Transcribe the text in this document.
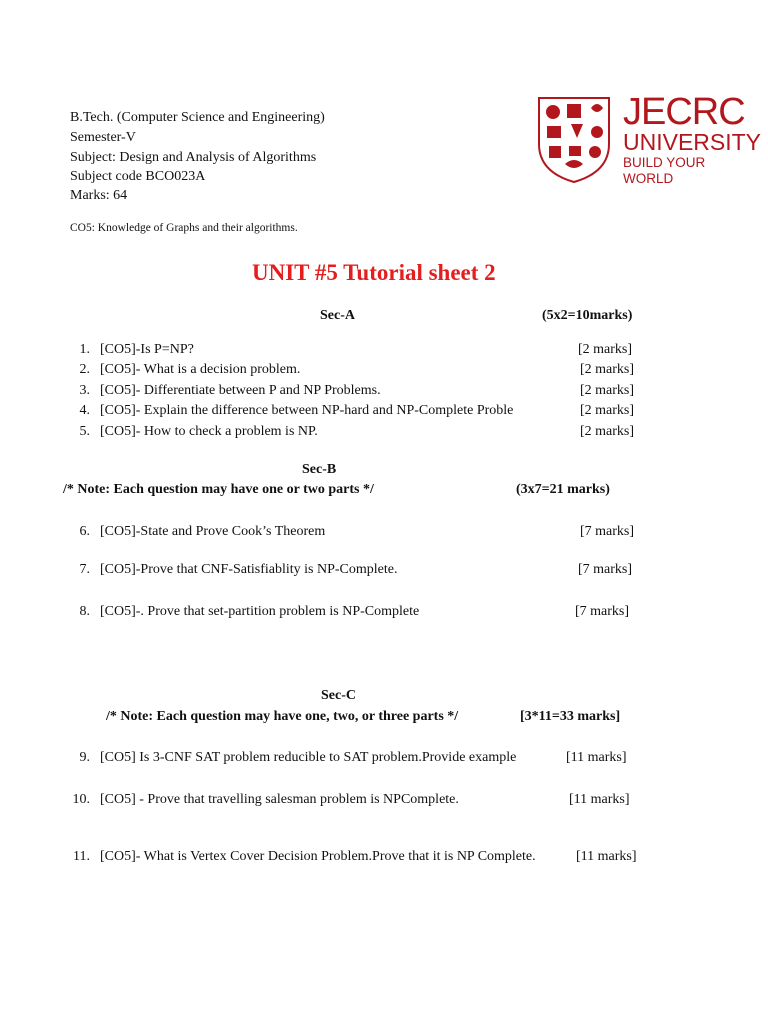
B.Tech. (Computer Science and Engineering)
Semester-V
Subject: Design and Analysis of Algorithms
Subject code BCO023A
Marks: 64
CO5: Knowledge of Graphs and their algorithms.
JECRC
UNIVERSITY
BUILD YOUR WORLD
UNIT #5 Tutorial sheet 2
Sec-A	(5x2=10marks)
1. [CO5]-Is P=NP?	[2 marks]
2. [CO5]- What is a decision problem.	[2 marks]
3. [CO5]- Differentiate between P and NP Problems.	[2 marks]
4. [CO5]- Explain the difference between NP-hard and NP-Complete Proble	[2 marks]
5. [CO5]- How to check a problem is NP.	[2 marks]
Sec-B
/* Note: Each question may have one or two parts */	(3x7=21 marks)
6. [CO5]-State and Prove Cook’s Theorem	[7 marks]
7. [CO5]-Prove that CNF-Satisfiablity is NP-Complete.	[7 marks]
8. [CO5]-. Prove that set-partition problem is NP-Complete	[7 marks]
Sec-C
/* Note: Each question may have one, two, or three parts */	[3*11=33 marks]
9. [CO5] Is 3-CNF SAT problem reducible to SAT problem.Provide example	[11 marks]
10. [CO5] - Prove that travelling salesman problem is NPComplete.	[11 marks]
11. [CO5]- What is Vertex Cover Decision Problem.Prove that it is NP Complete.	[11 marks]
